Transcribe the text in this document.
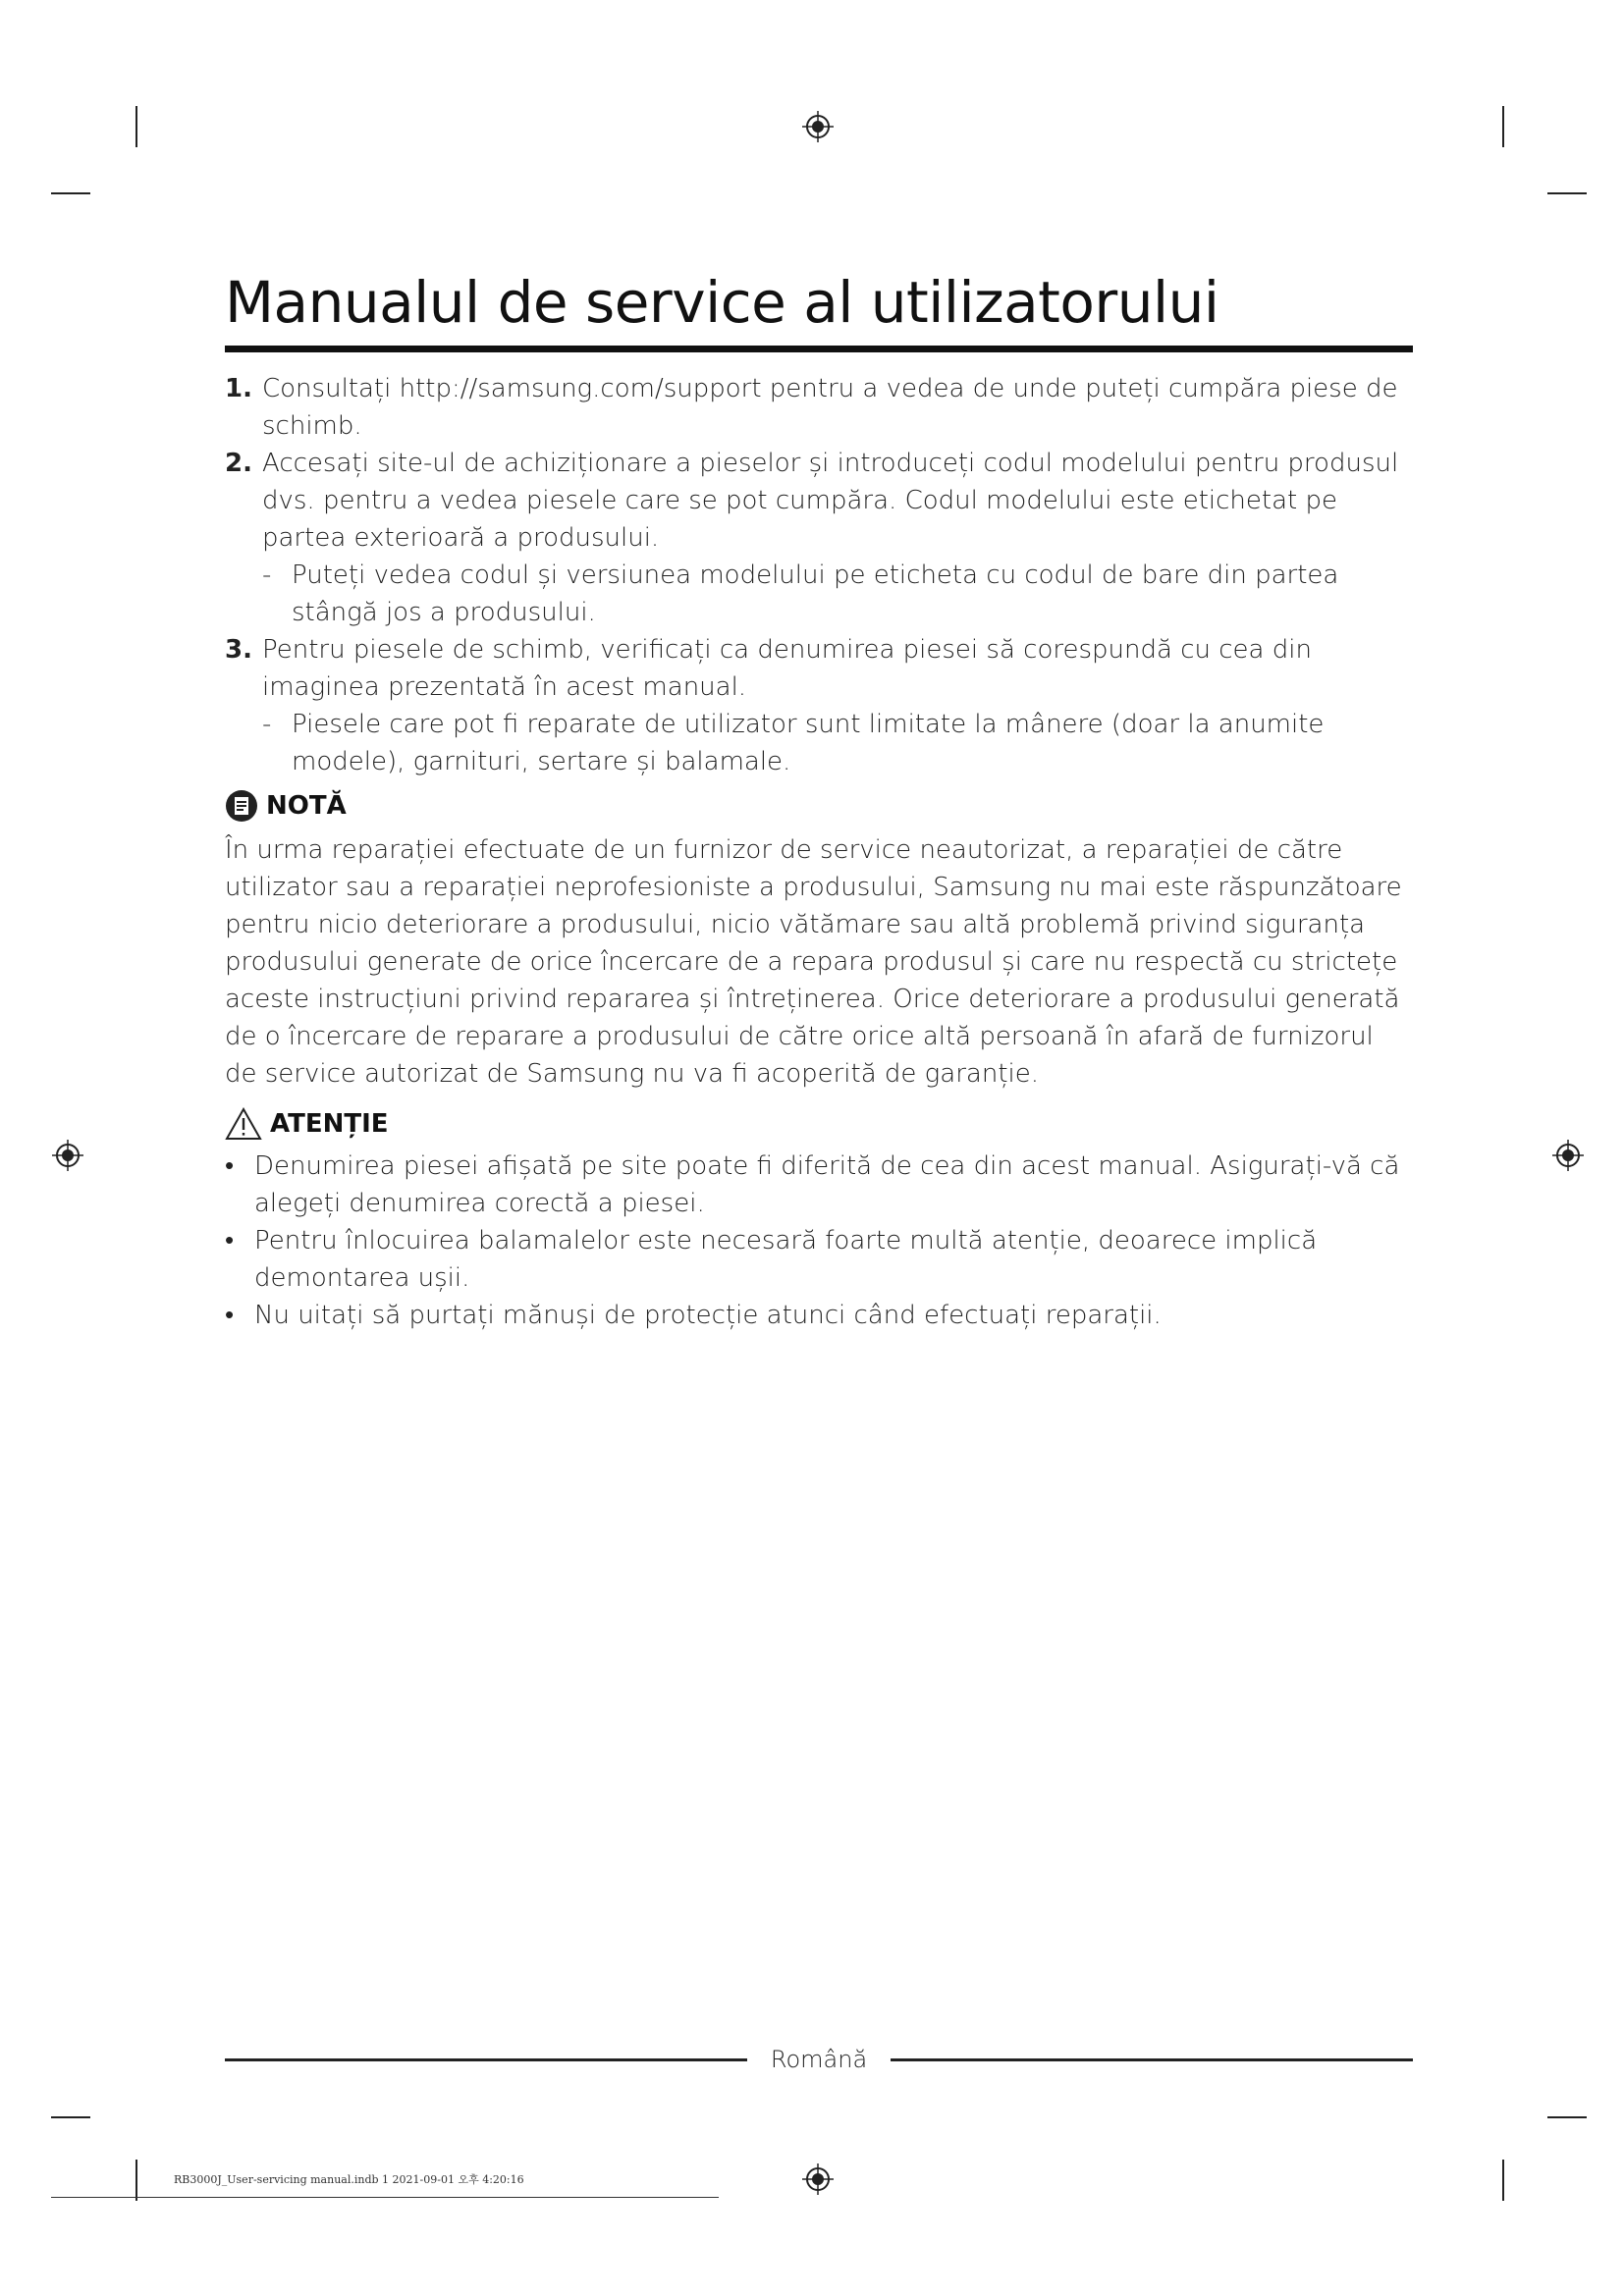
Manualul de service al utilizatorului
1. Consultați http://samsung.com/support pentru a vedea de unde puteți cumpăra piese de schimb.
2. Accesați site-ul de achiziționare a pieselor și introduceți codul modelului pentru produsul dvs. pentru a vedea piesele care se pot cumpăra. Codul modelului este etichetat pe partea exterioară a produsului.
- Puteți vedea codul și versiunea modelului pe eticheta cu codul de bare din partea stângă jos a produsului.
3. Pentru piesele de schimb, verificați ca denumirea piesei să corespundă cu cea din imaginea prezentată în acest manual.
- Piesele care pot fi reparate de utilizator sunt limitate la mânere (doar la anumite modele), garnituri, sertare și balamale.
NOTĂ
În urma reparației efectuate de un furnizor de service neautorizat, a reparației de către utilizator sau a reparației neprofesioniste a produsului, Samsung nu mai este răspunzătoare pentru nicio deteriorare a produsului, nicio vătămare sau altă problemă privind siguranța produsului generate de orice încercare de a repara produsul și care nu respectă cu strictețe aceste instrucțiuni privind repararea și întreținerea. Orice deteriorare a produsului generată de o încercare de reparare a produsului de către orice altă persoană în afară de furnizorul de service autorizat de Samsung nu va fi acoperită de garanție.
ATENȚIE
• Denumirea piesei afișată pe site poate fi diferită de cea din acest manual. Asigurați-vă că alegeți denumirea corectă a piesei.
• Pentru înlocuirea balamalelor este necesară foarte multă atenție, deoarece implică demontarea ușii.
• Nu uitați să purtați mănuși de protecție atunci când efectuați reparații.
Română
RB3000J_User-servicing manual.indb 1 2021-09-01 오후 4:20:16
